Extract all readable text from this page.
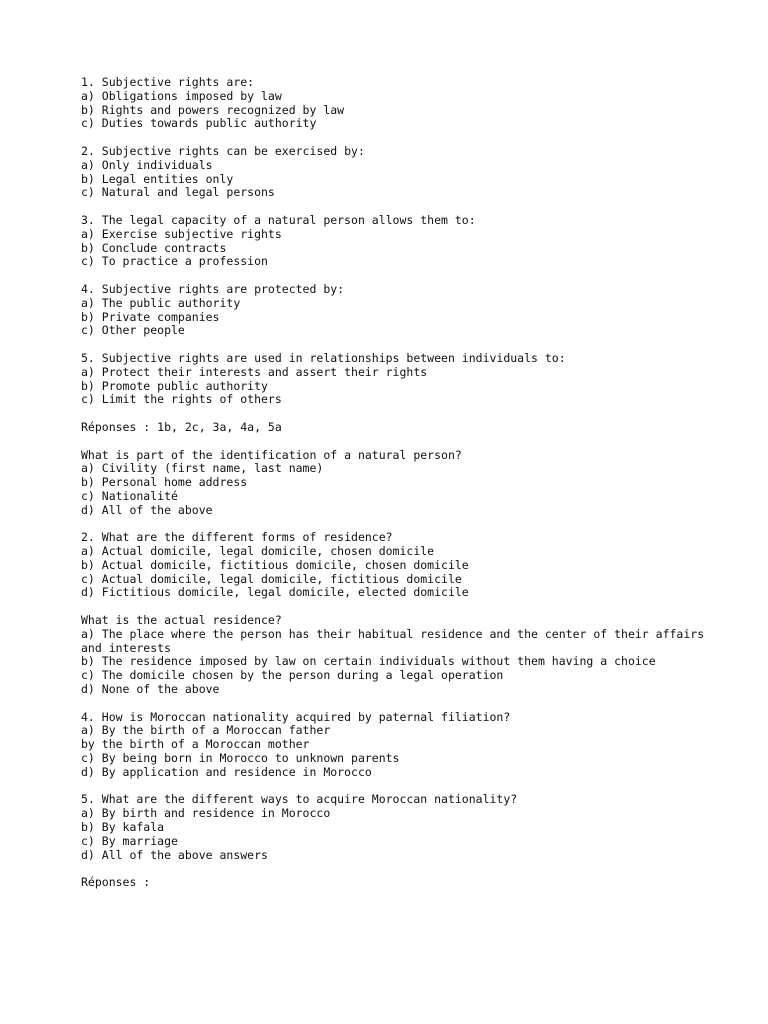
1. Subjective rights are:
a) Obligations imposed by law
b) Rights and powers recognized by law
c) Duties towards public authority
2. Subjective rights can be exercised by:
a) Only individuals
b) Legal entities only
c) Natural and legal persons
3. The legal capacity of a natural person allows them to:
a) Exercise subjective rights
b) Conclude contracts
c) To practice a profession
4. Subjective rights are protected by:
a) The public authority
b) Private companies
c) Other people
5. Subjective rights are used in relationships between individuals to:
a) Protect their interests and assert their rights
b) Promote public authority
c) Limit the rights of others
Réponses : 1b, 2c, 3a, 4a, 5a
What is part of the identification of a natural person?
a) Civility (first name, last name)
b) Personal home address
c) Nationalité
d) All of the above
2. What are the different forms of residence?
a) Actual domicile, legal domicile, chosen domicile
b) Actual domicile, fictitious domicile, chosen domicile
c) Actual domicile, legal domicile, fictitious domicile
d) Fictitious domicile, legal domicile, elected domicile
What is the actual residence?
a) The place where the person has their habitual residence and the center of their affairs
and interests
b) The residence imposed by law on certain individuals without them having a choice
c) The domicile chosen by the person during a legal operation
d) None of the above
4. How is Moroccan nationality acquired by paternal filiation?
a) By the birth of a Moroccan father
by the birth of a Moroccan mother
c) By being born in Morocco to unknown parents
d) By application and residence in Morocco
5. What are the different ways to acquire Moroccan nationality?
a) By birth and residence in Morocco
b) By kafala
c) By marriage
d) All of the above answers
Réponses :
